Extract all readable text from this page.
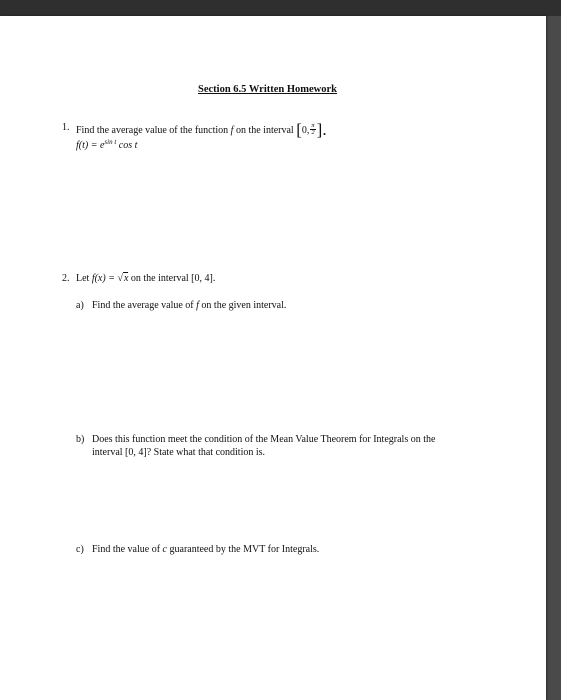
Section 6.5 Written Homework
1. Find the average value of the function f on the interval [0, $\frac{\pi}{2}$ ].
$f(t) = e^{sin t}$ cos t
2. Let f(x) = √x on the interval [0, 4].
a) Find the average value of f on the given interval.
b) Does this function meet the condition of the Mean Value Theorem for Integrals on the
interval [0, 4]? State what that condition is.
c) Find the value of c guaranteed by the MVT for Integrals.
